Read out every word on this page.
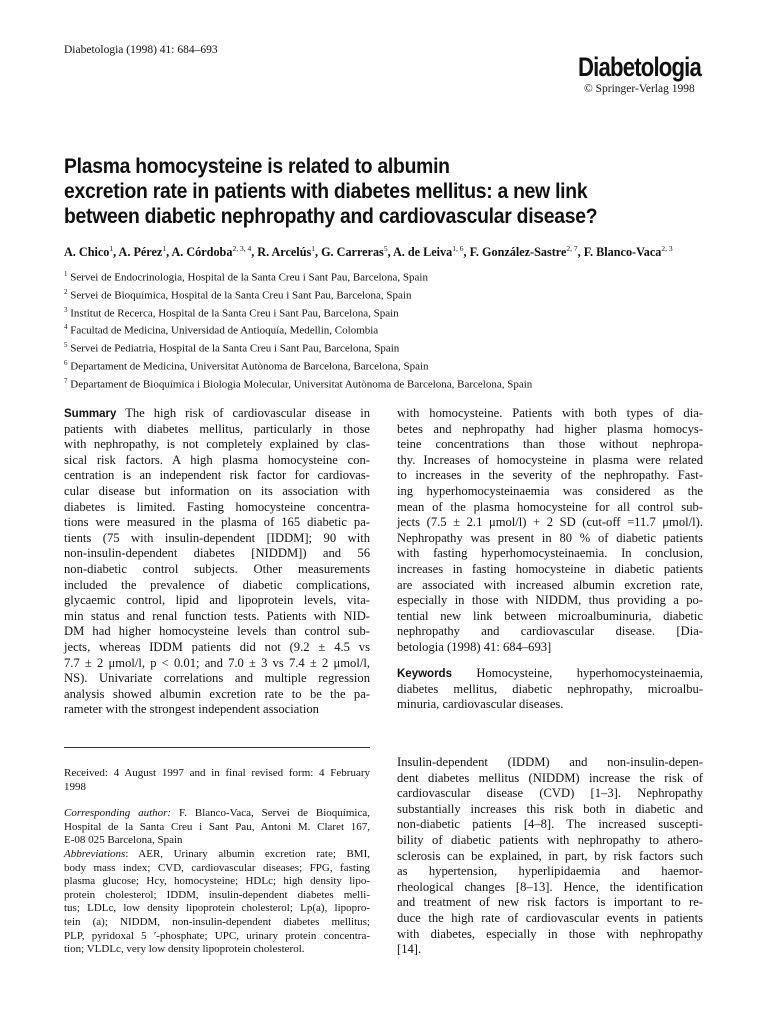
Diabetologia (1998) 41: 684–693
Diabetologia
© Springer-Verlag 1998
Plasma homocysteine is related to albumin
excretion rate in patients with diabetes mellitus: a new link
between diabetic nephropathy and cardiovascular disease?
A. Chico$^1$, A. Pérez$^1$, A. Córdoba$^{2, 3, 4}$, R. Arcelús$^1$, G. Carreras$^5$, A. de Leiva$^{1, 6}$, F. González-Sastre$^{2, 7}$, F. Blanco-Vaca$^{2, 3}$
$^1$ Servei de Endocrinologia, Hospital de la Santa Creu i Sant Pau, Barcelona, Spain
$^2$ Servei de Bioquímica, Hospital de la Santa Creu i Sant Pau, Barcelona, Spain
$^3$ Institut de Recerca, Hospital de la Santa Creu i Sant Pau, Barcelona, Spain
$^4$ Facultad de Medicina, Universidad de Antioquía, Medellin, Colombia
$^5$ Servei de Pediatria, Hospital de la Santa Creu i Sant Pau, Barcelona, Spain
$^6$ Departament de Medicina, Universitat Autònoma de Barcelona, Barcelona, Spain
$^7$ Departament de Bioquímica i Biologia Molecular, Universitat Autònoma de Barcelona, Barcelona, Spain
Summary The high risk of cardiovascular disease in
patients with diabetes mellitus, particularly in those
with nephropathy, is not completely explained by clas-
sical risk factors. A high plasma homocysteine con-
centration is an independent risk factor for cardiovas-
cular disease but information on its association with
diabetes is limited. Fasting homocysteine concentra-
tions were measured in the plasma of 165 diabetic pa-
tients (75 with insulin-dependent [IDDM]; 90 with
non-insulin-dependent diabetes [NIDDM]) and 56
non-diabetic control subjects. Other measurements
included the prevalence of diabetic complications,
glycaemic control, lipid and lipoprotein levels, vita-
min status and renal function tests. Patients with NID-
DM had higher homocysteine levels than control sub-
jects, whereas IDDM patients did not (9.2 ± 4.5 vs
7.7 ± 2 μmol/l, p < 0.01; and 7.0 ± 3 vs 7.4 ± 2 μmol/l,
NS). Univariate correlations and multiple regression
analysis showed albumin excretion rate to be the pa-
rameter with the strongest independent association
with homocysteine. Patients with both types of dia-
betes and nephropathy had higher plasma homocys-
teine concentrations than those without nephropa-
thy. Increases of homocysteine in plasma were related
to increases in the severity of the nephropathy. Fast-
ing hyperhomocysteinaemia was considered as the
mean of the plasma homocysteine for all control sub-
jects (7.5 ± 2.1 μmol/l) + 2 SD (cut-off =11.7 μmol/l).
Nephropathy was present in 80 % of diabetic patients
with fasting hyperhomocysteinaemia. In conclusion,
increases in fasting homocysteine in diabetic patients
are associated with increased albumin excretion rate,
especially in those with NIDDM, thus providing a po-
tential new link between microalbuminuria, diabetic
nephropathy and cardiovascular disease. [Dia-
betologia (1998) 41: 684–693]
Keywords Homocysteine, hyperhomocysteinaemia,
diabetes mellitus, diabetic nephropathy, microalbu-
minuria, cardiovascular diseases.
Received: 4 August 1997 and in final revised form: 4 February
1998
Corresponding author: F. Blanco-Vaca, Servei de Bioquímica,
Hospital de la Santa Creu i Sant Pau, Antoni M. Claret 167,
E-08 025 Barcelona, Spain
Abbreviations: AER, Urinary albumin excretion rate; BMI,
body mass index; CVD, cardiovascular diseases; FPG, fasting
plasma glucose; Hcy, homocysteine; HDLc; high density lipo-
protein cholesterol; IDDM, insulin-dependent diabetes melli-
tus; LDLc, low density lipoprotein cholesterol; Lp(a), lipopro-
tein (a); NIDDM, non-insulin-dependent diabetes mellitus;
PLP, pyridoxal 5 ′-phosphate; UPC, urinary protein concentra-
tion; VLDLc, very low density lipoprotein cholesterol.
Insulin-dependent (IDDM) and non-insulin-depen-
dent diabetes mellitus (NIDDM) increase the risk of
cardiovascular disease (CVD) [1–3]. Nephropathy
substantially increases this risk both in diabetic and
non-diabetic patients [4–8]. The increased suscepti-
bility of diabetic patients with nephropathy to athero-
sclerosis can be explained, in part, by risk factors such
as hypertension, hyperlipidaemia and haemor-
rheological changes [8–13]. Hence, the identification
and treatment of new risk factors is important to re-
duce the high rate of cardiovascular events in patients
with diabetes, especially in those with nephropathy
[14].
